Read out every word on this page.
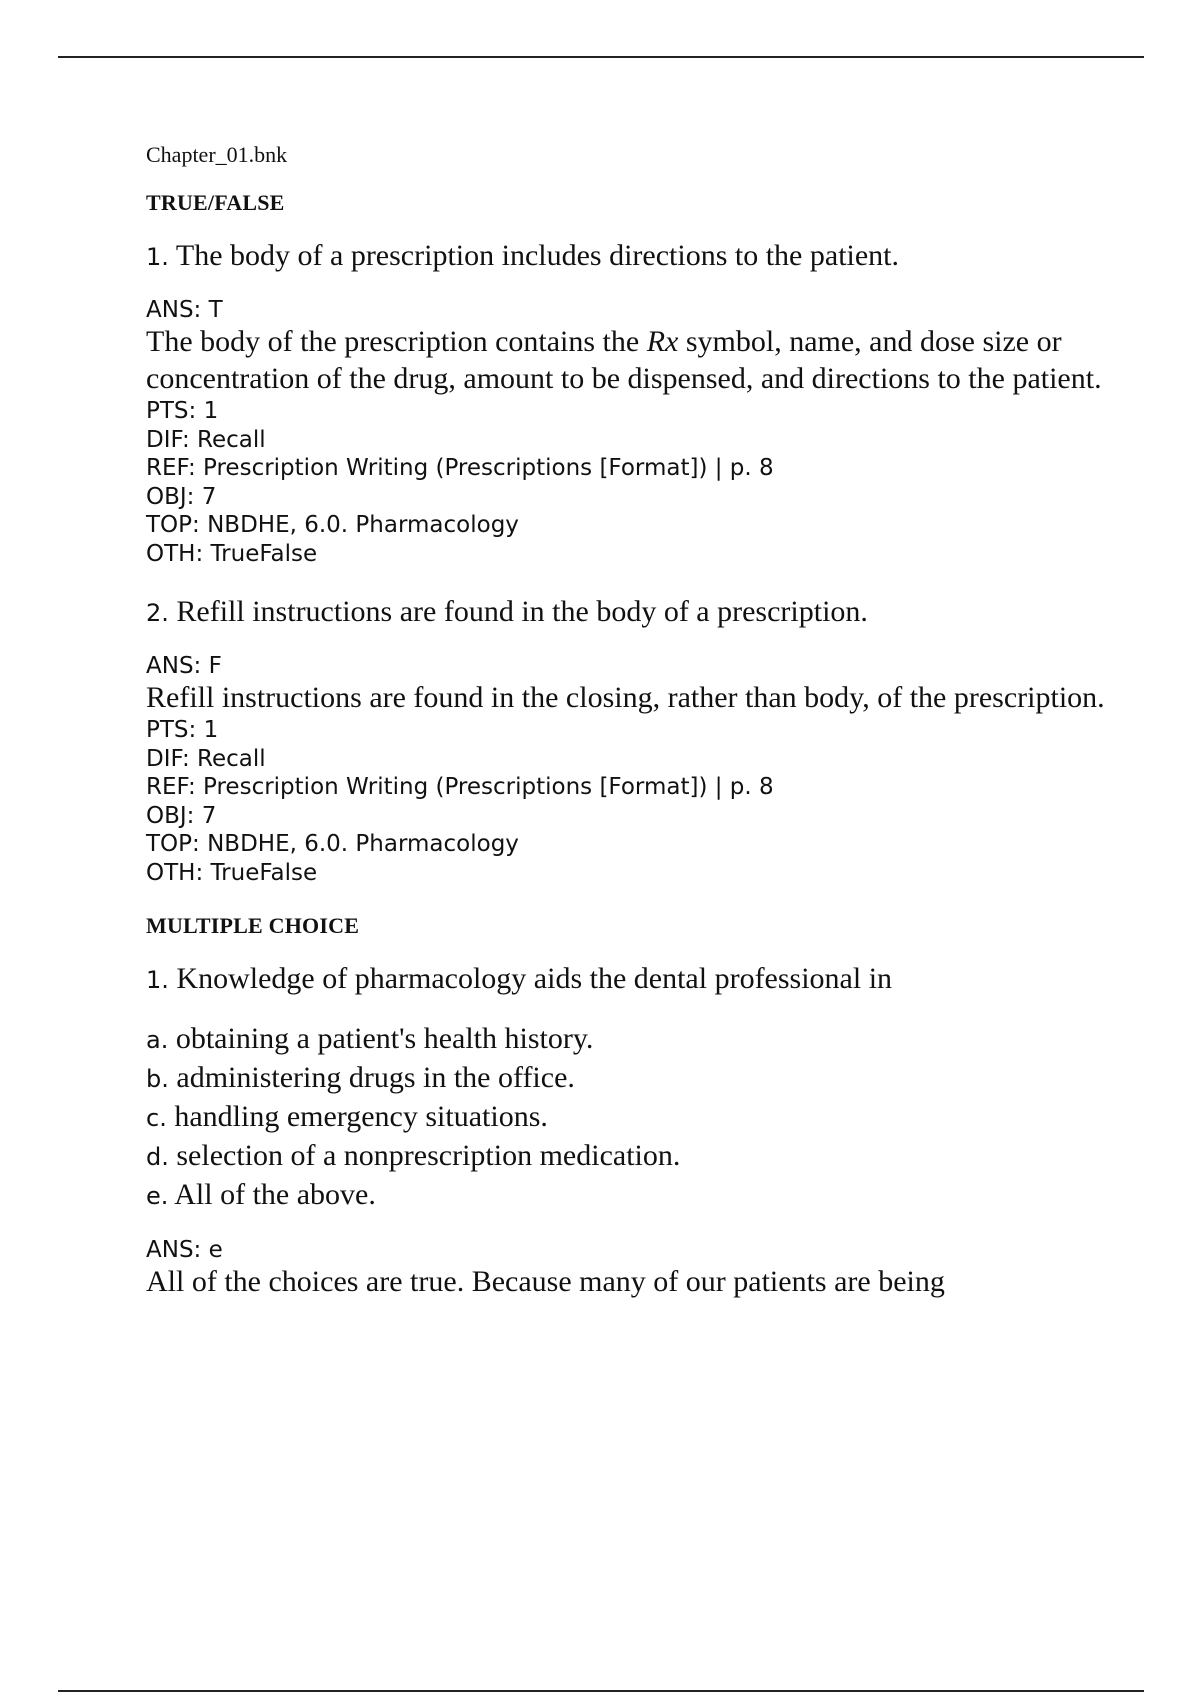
Chapter_01.bnk

TRUE/FALSE

1. The body of a prescription includes directions to the patient.

ANS: T

The body of the prescription contains the Rx symbol, name, and dose size or concentration of the drug, amount to be dispensed, and directions to the patient.

PTS: 1
DIF: Recall
REF: Prescription Writing (Prescriptions [Format]) | p. 8
OBJ: 7
TOP: NBDHE, 6.0. Pharmacology
OTH: TrueFalse

2. Refill instructions are found in the body of a prescription.

ANS: F

Refill instructions are found in the closing, rather than body, of the prescription.

PTS: 1
DIF: Recall
REF: Prescription Writing (Prescriptions [Format]) | p. 8
OBJ: 7
TOP: NBDHE, 6.0. Pharmacology
OTH: TrueFalse

MULTIPLE CHOICE

1. Knowledge of pharmacology aids the dental professional in

a. obtaining a patient's health history.
b. administering drugs in the office.
c. handling emergency situations.
d. selection of a nonprescription medication.
e. All of the above.

ANS: e

All of the choices are true. Because many of our patients are being
